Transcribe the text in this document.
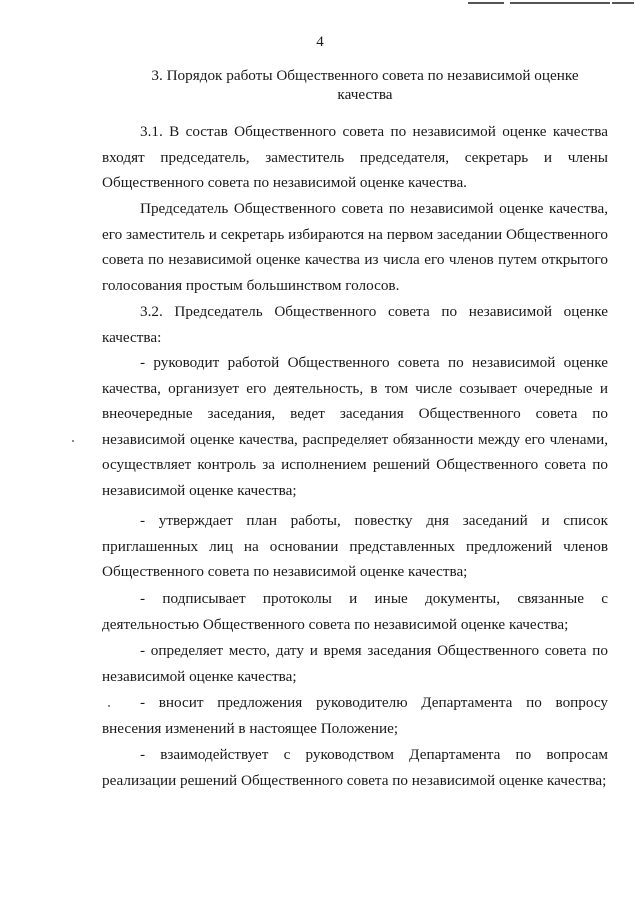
4
3. Порядок работы Общественного совета по независимой оценке качества

3.1. В состав Общественного совета по независимой оценке качества входят председатель, заместитель председателя, секретарь и члены Общественного совета по независимой оценке качества.

Председатель Общественного совета по независимой оценке качества, его заместитель и секретарь избираются на первом заседании Общественного совета по независимой оценке качества из числа его членов путем открытого голосования простым большинством голосов.

3.2. Председатель Общественного совета по независимой оценке качества:

- руководит работой Общественного совета по независимой оценке качества, организует его деятельность, в том числе созывает очередные и внеочередные заседания, ведет заседания Общественного совета по независимой оценке качества, распределяет обязанности между его членами, осуществляет контроль за исполнением решений Общественного совета по независимой оценке качества;

- утверждает план работы, повестку дня заседаний и список приглашенных лиц на основании представленных предложений членов Общественного совета по независимой оценке качества;

- подписывает протоколы и иные документы, связанные с деятельностью Общественного совета по независимой оценке качества;

- определяет место, дату и время заседания Общественного совета по независимой оценке качества;

- вносит предложения руководителю Департамента по вопросу внесения изменений в настоящее Положение;

- взаимодействует с руководством Департамента по вопросам реализации решений Общественного совета по независимой оценке качества;
